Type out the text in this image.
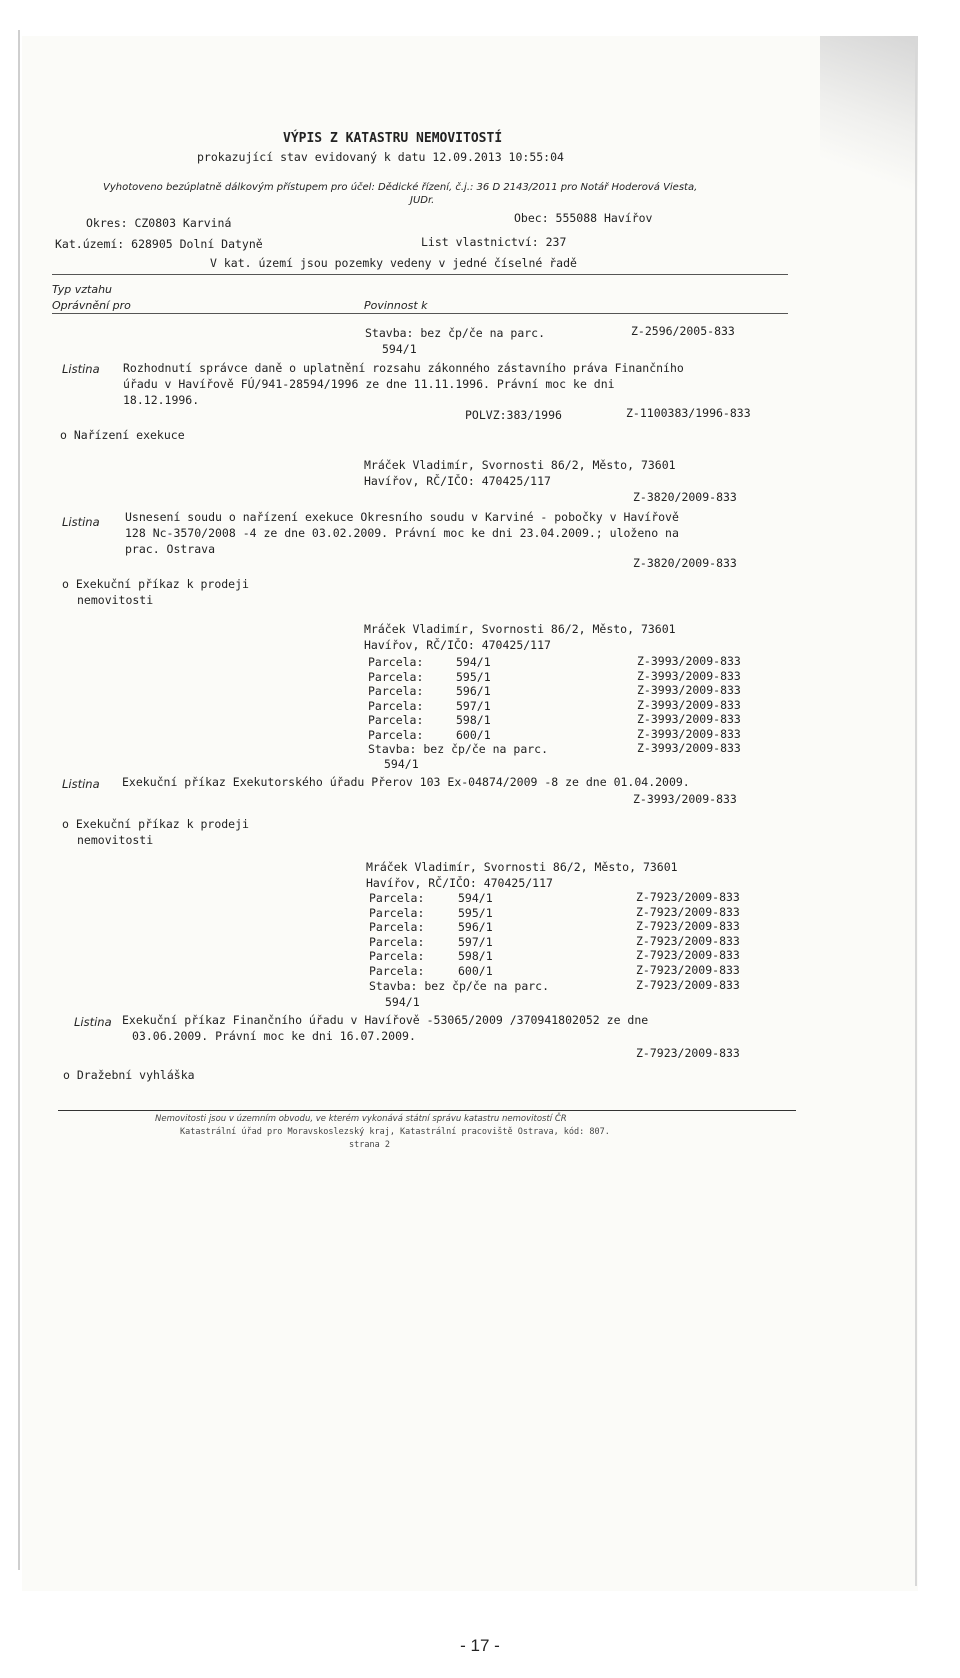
VÝPIS Z KATASTRU NEMOVITOSTÍ
prokazující stav evidovaný k datu 12.09.2013 10:55:04
Vyhotoveno bezúplatně dálkovým přístupem pro účel: Dědické řízení, č.j.: 36 D 2143/2011 pro Notář Hoderová Viesta,
JUDr.
Okres: CZ0803 Karviná	Obec: 555088 Havířov
Kat.území: 628905 Dolní Datyně	List vlastnictví: 237
V kat. území jsou pozemky vedeny v jedné číselné řadě
Typ vztahu
Oprávnění pro	Povinnost k
Stavba: bez čp/če na parc.	Z-2596/2005-833
594/1
Listina Rozhodnutí správce daně o uplatnění rozsahu zákonného zástavního práva Finančního
úřadu v Havířově FÚ/941-28594/1996 ze dne 11.11.1996. Právní moc ke dni
18.12.1996.
POLVZ:383/1996	Z-1100383/1996-833
o Nařízení exekuce
Mráček Vladimír, Svornosti 86/2, Město, 73601
Havířov, RČ/IČO: 470425/117
Z-3820/2009-833
Listina Usnesení soudu o nařízení exekuce Okresního soudu v Karviné - pobočky v Havířově
128 Nc-3570/2008 -4 ze dne 03.02.2009. Právní moc ke dni 23.04.2009.; uloženo na
prac. Ostrava
Z-3820/2009-833
o Exekuční příkaz k prodeji
nemovitosti
Mráček Vladimír, Svornosti 86/2, Město, 73601
Havířov, RČ/IČO: 470425/117
Parcela:	594/1	Z-3993/2009-833
Parcela:	595/1	Z-3993/2009-833
Parcela:	596/1	Z-3993/2009-833
Parcela:	597/1	Z-3993/2009-833
Parcela:	598/1	Z-3993/2009-833
Parcela:	600/1	Z-3993/2009-833
Stavba: bez čp/če na parc.	Z-3993/2009-833
594/1
Listina Exekuční příkaz Exekutorského úřadu Přerov 103 Ex-04874/2009 -8 ze dne 01.04.2009.
Z-3993/2009-833
o Exekuční příkaz k prodeji
nemovitosti
Mráček Vladimír, Svornosti 86/2, Město, 73601
Havířov, RČ/IČO: 470425/117
Parcela:	594/1	Z-7923/2009-833
Parcela:	595/1	Z-7923/2009-833
Parcela:	596/1	Z-7923/2009-833
Parcela:	597/1	Z-7923/2009-833
Parcela:	598/1	Z-7923/2009-833
Parcela:	600/1	Z-7923/2009-833
Stavba: bez čp/če na parc.	Z-7923/2009-833
594/1
Listina Exekuční příkaz Finančního úřadu v Havířově -53065/2009 /370941802052 ze dne
03.06.2009. Právní moc ke dni 16.07.2009.
Z-7923/2009-833
o Dražební vyhláška
Nemovitosti jsou v územním obvodu, ve kterém vykonává státní správu katastru nemovitostí ČR
Katastrální úřad pro Moravskoslezský kraj, Katastrální pracoviště Ostrava, kód: 807.
strana 2
- 17 -
